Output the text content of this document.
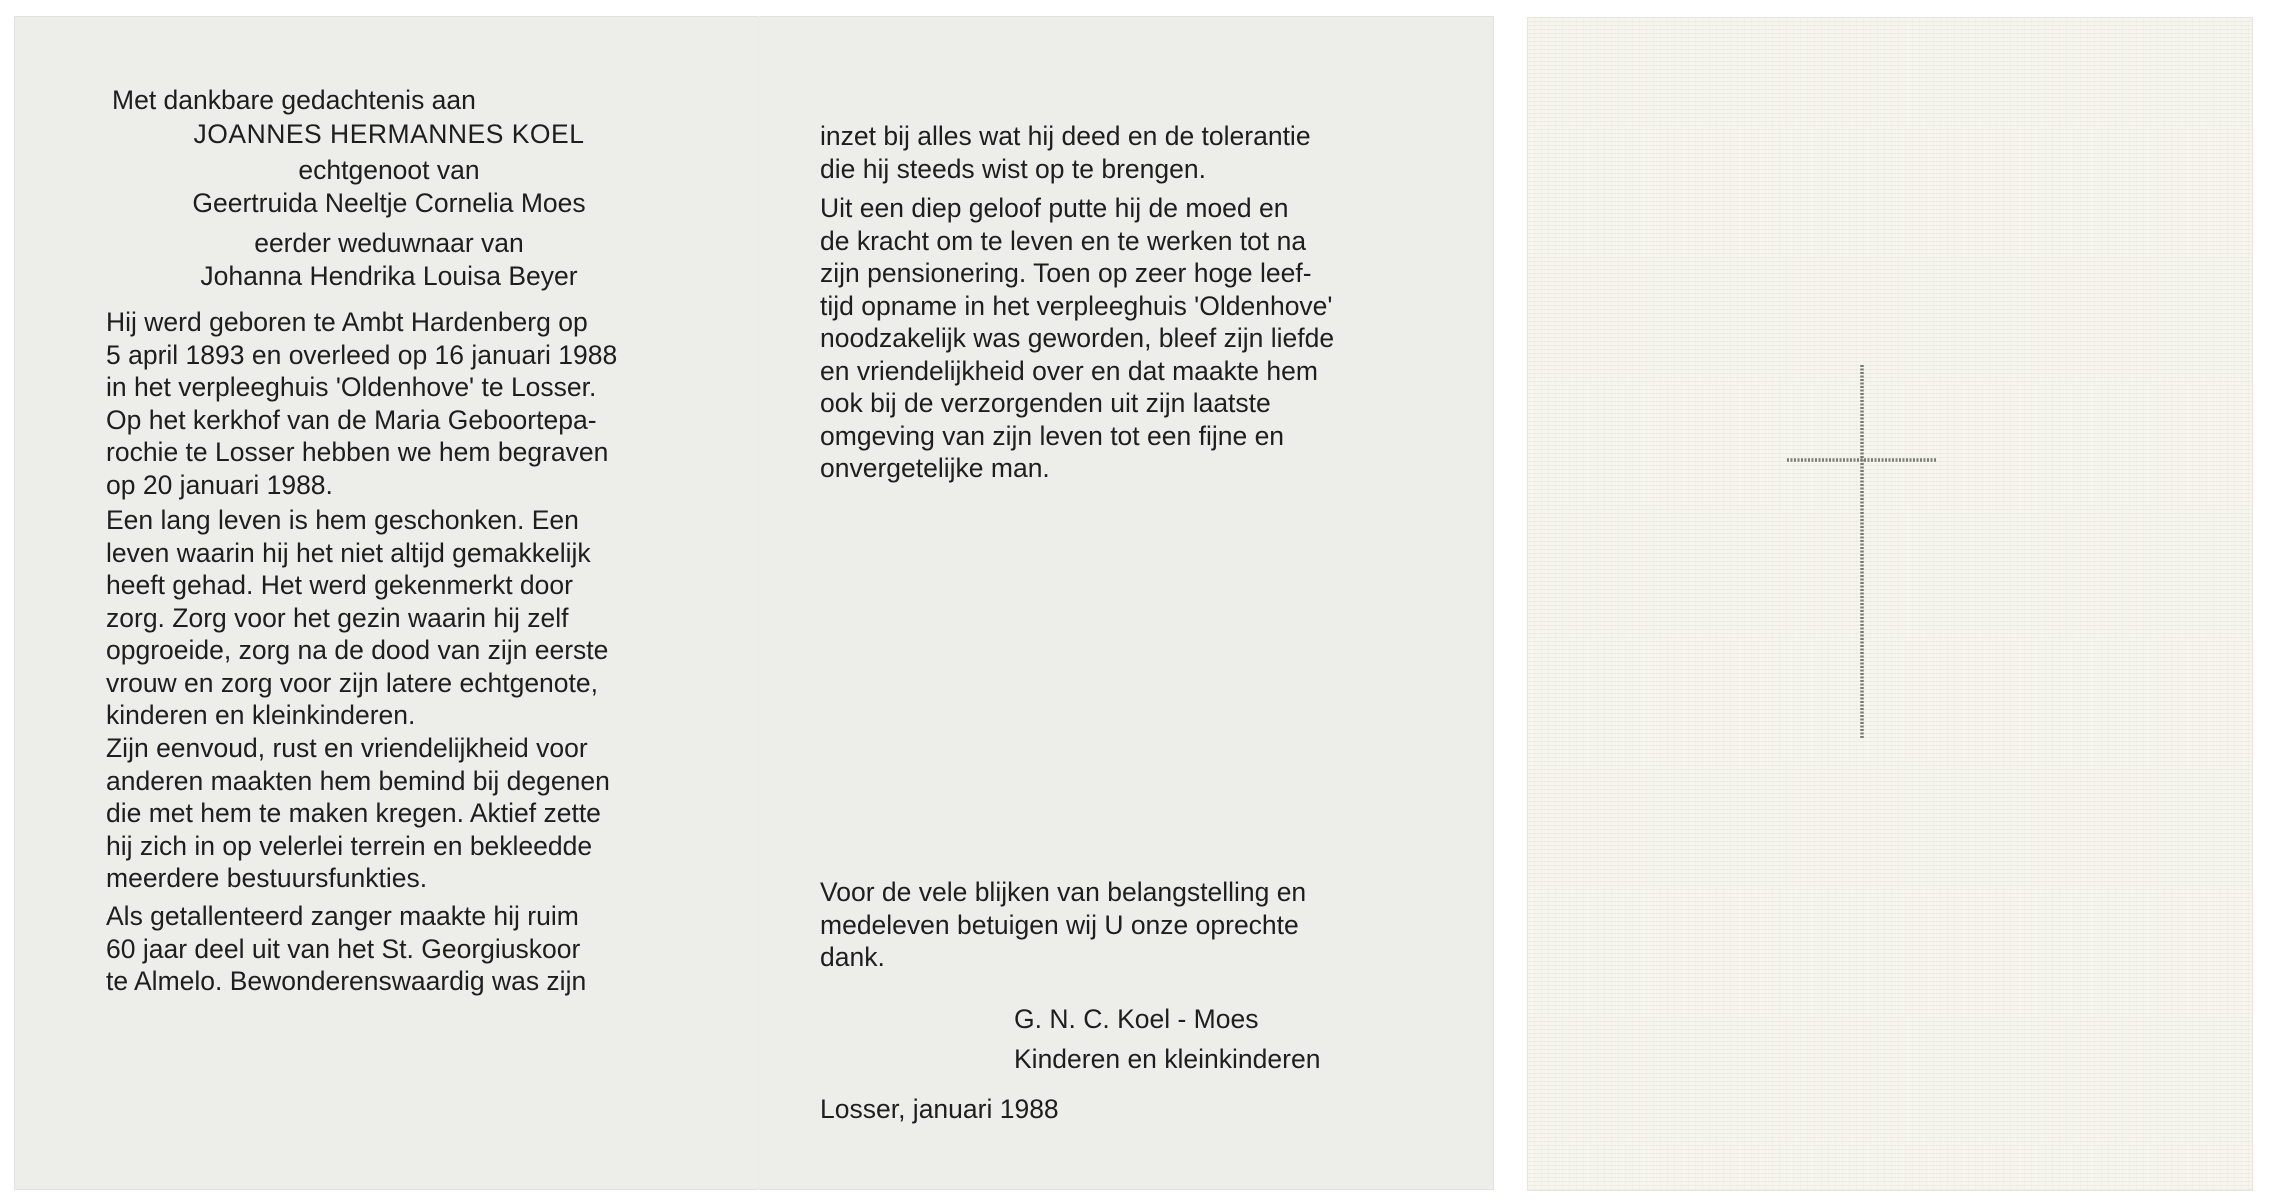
Met dankbare gedachtenis aan
JOANNES HERMANNES KOEL
echtgenoot van
Geertruida Neeltje Cornelia Moes
eerder weduwnaar van
Johanna Hendrika Louisa Beyer
Hij werd geboren te Ambt Hardenberg op
5 april 1893 en overleed op 16 januari 1988
in het verpleeghuis 'Oldenhove' te Losser.
Op het kerkhof van de Maria Geboortepa-
rochie te Losser hebben we hem begraven
op 20 januari 1988.
Een lang leven is hem geschonken. Een
leven waarin hij het niet altijd gemakkelijk
heeft gehad. Het werd gekenmerkt door
zorg. Zorg voor het gezin waarin hij zelf
opgroeide, zorg na de dood van zijn eerste
vrouw en zorg voor zijn latere echtgenote,
kinderen en kleinkinderen.
Zijn eenvoud, rust en vriendelijkheid voor
anderen maakten hem bemind bij degenen
die met hem te maken kregen. Aktief zette
hij zich in op velerlei terrein en bekleedde
meerdere bestuursfunkties.
Als getallenteerd zanger maakte hij ruim
60 jaar deel uit van het St. Georgiuskoor
te Almelo. Bewonderenswaardig was zijn
inzet bij alles wat hij deed en de tolerantie
die hij steeds wist op te brengen.
Uit een diep geloof putte hij de moed en
de kracht om te leven en te werken tot na
zijn pensionering. Toen op zeer hoge leef-
tijd opname in het verpleeghuis 'Oldenhove'
noodzakelijk was geworden, bleef zijn liefde
en vriendelijkheid over en dat maakte hem
ook bij de verzorgenden uit zijn laatste
omgeving van zijn leven tot een fijne en
onvergetelijke man.
Voor de vele blijken van belangstelling en
medeleven betuigen wij U onze oprechte
dank.
G. N. C. Koel - Moes
Kinderen en kleinkinderen
Losser, januari 1988
